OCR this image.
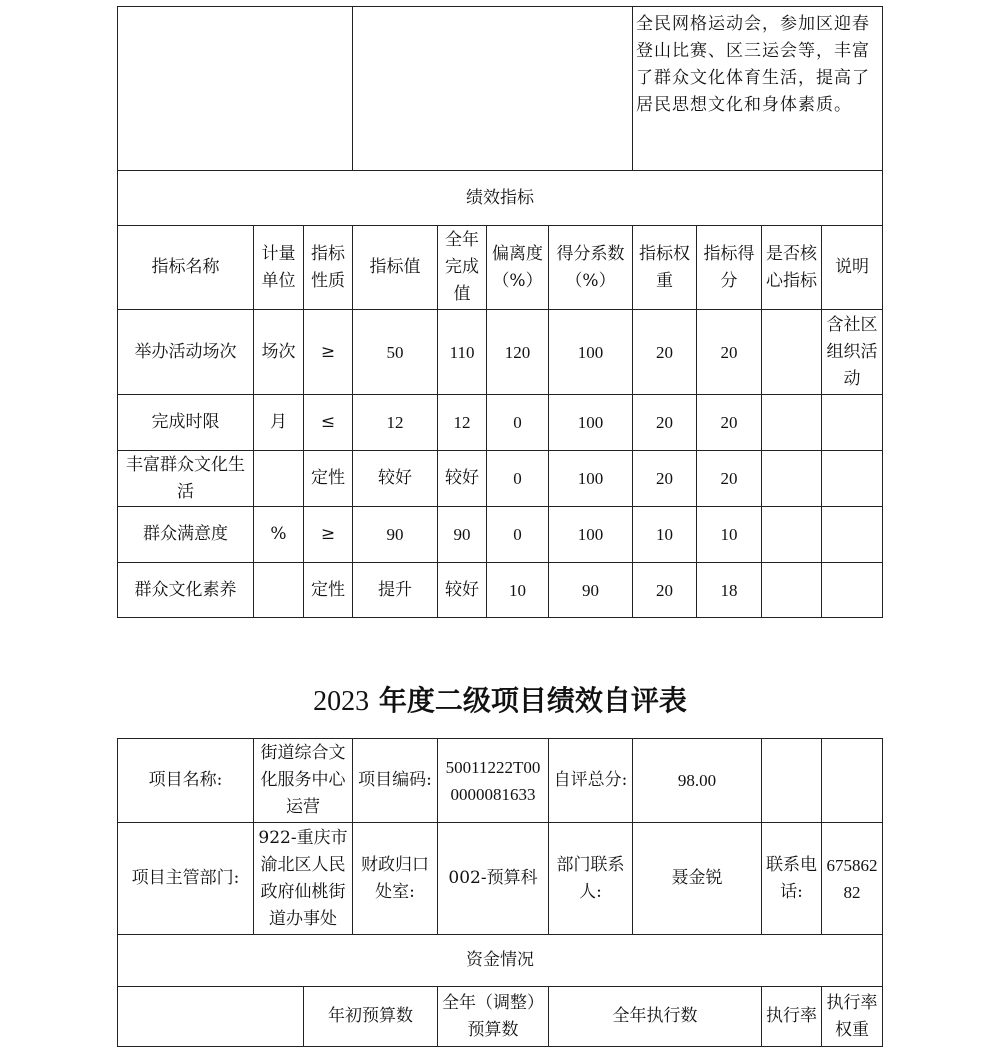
							全民网格运动会，参加区迎春登山比赛、区三运会等，丰富了群众文化体育生活，提高了居民思想文化和身体素质。			
绩效指标										
指标名称	计量单位	指标性质	指标值	全年完成值	偏离度（%）	得分系数（%）	指标权重	指标得分	是否核心指标	说明
举办活动场次	场次	≥	50	110	120	100	20	20		含社区组织活动
完成时限	月	≤	12	12	0	100	20	20		
丰富群众文化生活		定性	较好	较好	0	100	20	20		
群众满意度	%	≥	90	90	0	100	10	10		
群众文化素养		定性	提升	较好	10	90	20	18		
2023 年度二级项目绩效自评表
项目名称:	街道综合文化服务中心运营		项目编码:	50011222T000000081633	自评总分:	98.00		
项目主管部门:	922-重庆市渝北区人民政府仙桃街道办事处		财政归口处室:	002-预算科	部门联系人:	聂金锐	联系电话:	67586282
资金情况								
		年初预算数		全年（调整）预算数	全年执行数		执行率	执行率权重
